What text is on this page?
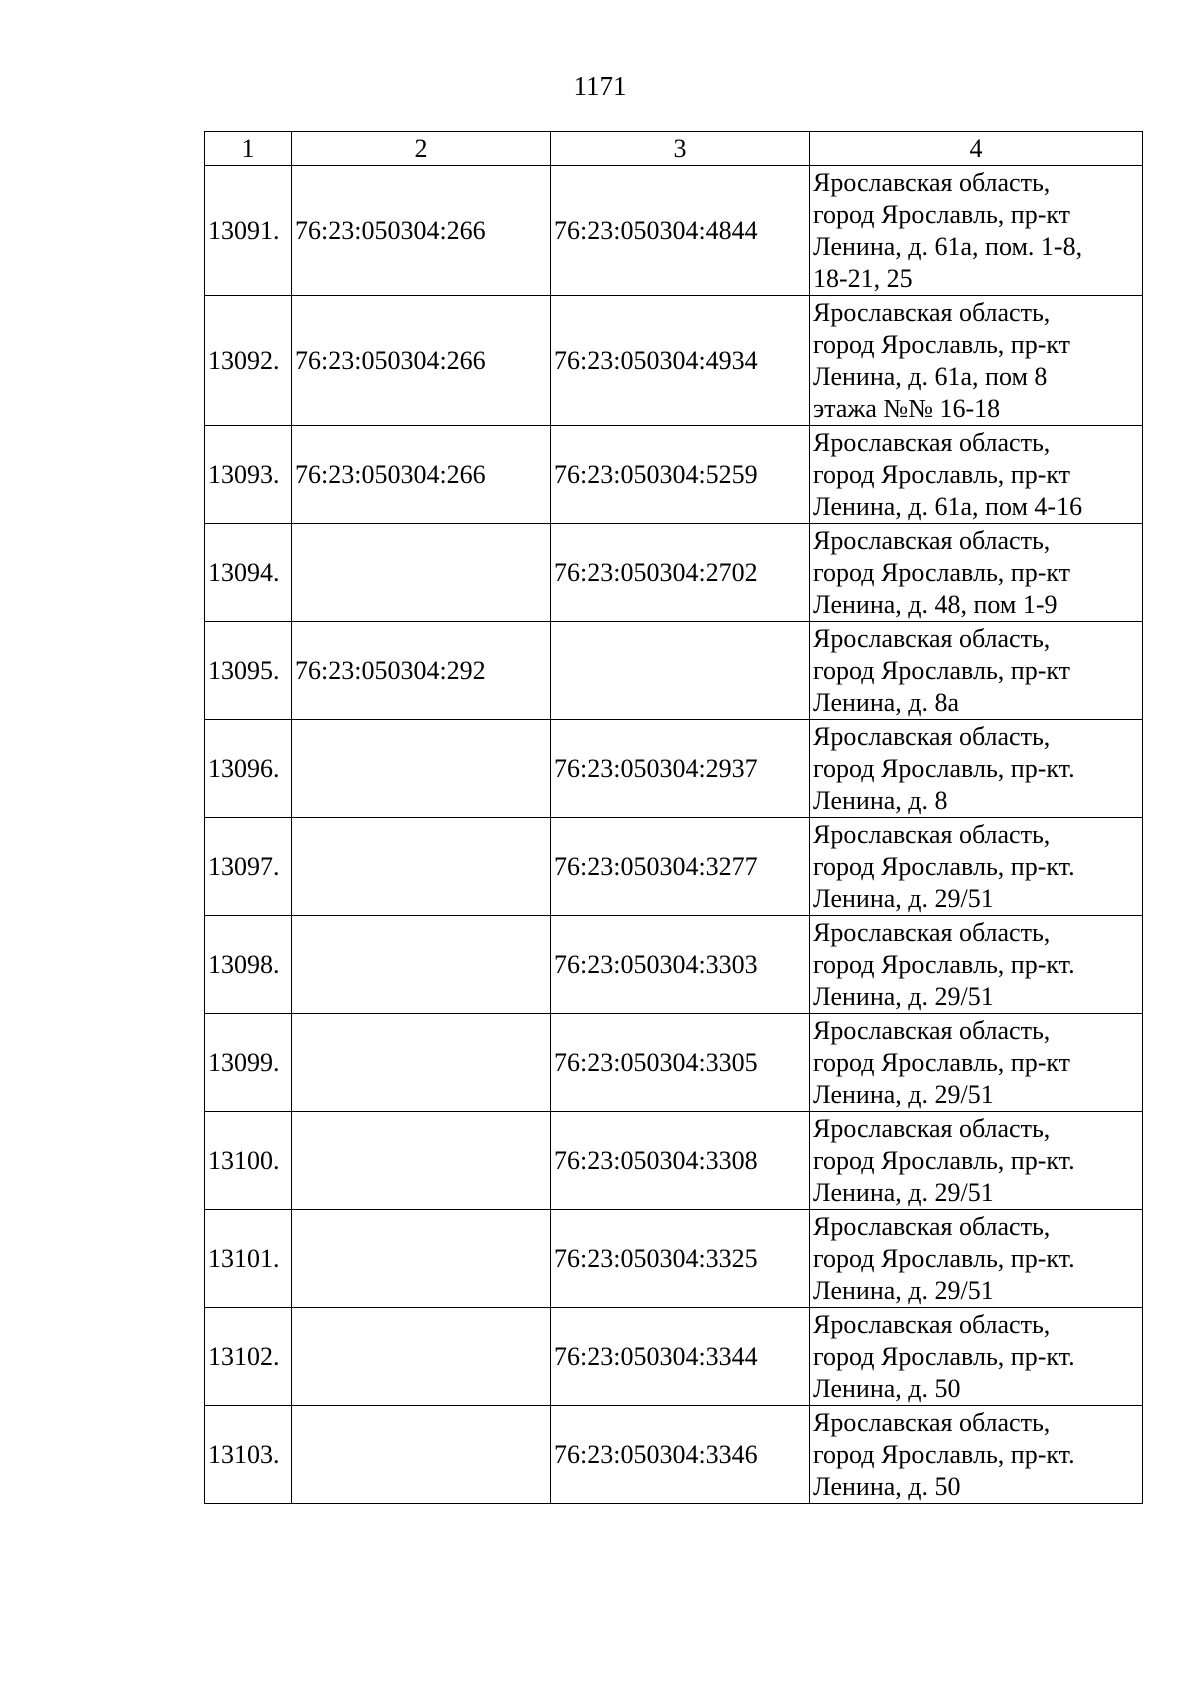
1171
1	2	3	4
13091.	76:23:050304:266	76:23:050304:4844	Ярославская область,
город Ярославль, пр-кт
Ленина, д. 61а, пом. 1-8,
18-21, 25
13092.	76:23:050304:266	76:23:050304:4934	Ярославская область,
город Ярославль, пр-кт
Ленина, д. 61а, пом 8
этажа №№ 16-18
13093.	76:23:050304:266	76:23:050304:5259	Ярославская область,
город Ярославль, пр-кт
Ленина, д. 61а, пом 4-16
13094.		76:23:050304:2702	Ярославская область,
город Ярославль, пр-кт
Ленина, д. 48, пом 1-9
13095.	76:23:050304:292		Ярославская область,
город Ярославль, пр-кт
Ленина, д. 8а
13096.		76:23:050304:2937	Ярославская область,
город Ярославль, пр-кт.
Ленина, д. 8
13097.		76:23:050304:3277	Ярославская область,
город Ярославль, пр-кт.
Ленина, д. 29/51
13098.		76:23:050304:3303	Ярославская область,
город Ярославль, пр-кт.
Ленина, д. 29/51
13099.		76:23:050304:3305	Ярославская область,
город Ярославль, пр-кт
Ленина, д. 29/51
13100.		76:23:050304:3308	Ярославская область,
город Ярославль, пр-кт.
Ленина, д. 29/51
13101.		76:23:050304:3325	Ярославская область,
город Ярославль, пр-кт.
Ленина, д. 29/51
13102.		76:23:050304:3344	Ярославская область,
город Ярославль, пр-кт.
Ленина, д. 50
13103.		76:23:050304:3346	Ярославская область,
город Ярославль, пр-кт.
Ленина, д. 50
